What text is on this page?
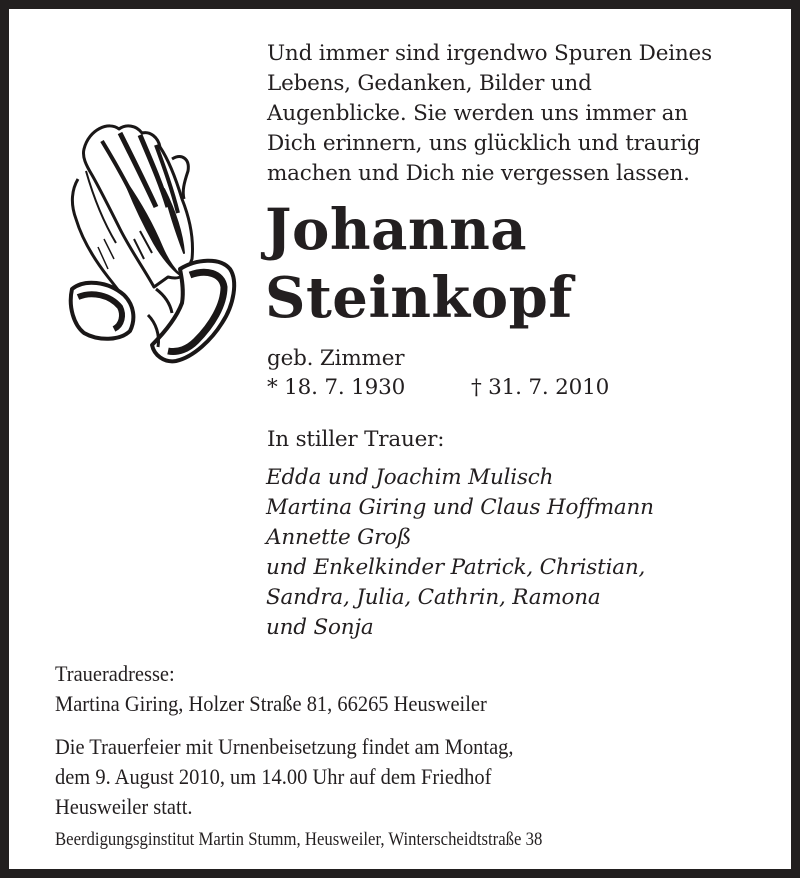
Und immer sind irgendwo Spuren Deines
Lebens, Gedanken, Bilder und
Augenblicke. Sie werden uns immer an
Dich erinnern, uns glücklich und traurig
machen und Dich nie vergessen lassen.
Johanna
Steinkopf
geb. Zimmer
* 18. 7. 1930	† 31. 7. 2010
In stiller Trauer:
Edda und Joachim Mulisch
Martina Giring und Claus Hoffmann
Annette Groß
und Enkelkinder Patrick, Christian,
Sandra, Julia, Cathrin, Ramona
und Sonja
Traueradresse:
Martina Giring, Holzer Straße 81, 66265 Heusweiler
Die Trauerfeier mit Urnenbeisetzung findet am Montag,
dem 9. August 2010, um 14.00 Uhr auf dem Friedhof
Heusweiler statt.
Beerdigungsginstitut Martin Stumm, Heusweiler, Winterscheidtstraße 38
